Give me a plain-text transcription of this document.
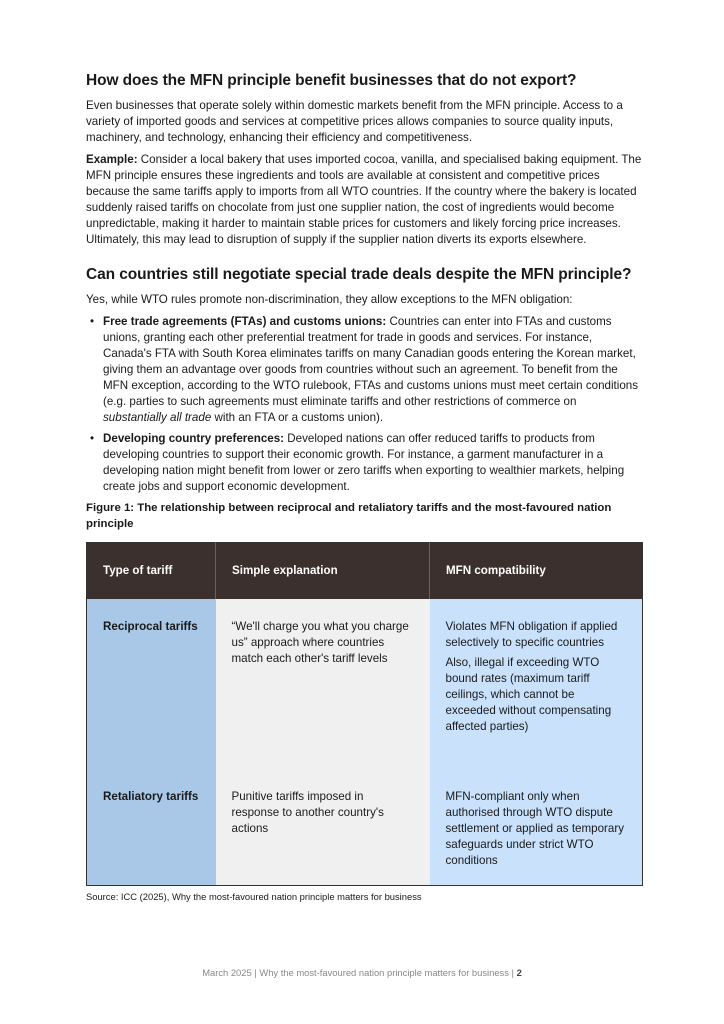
How does the MFN principle benefit businesses that do not export?

Even businesses that operate solely within domestic markets benefit from the MFN principle. Access to a variety of imported goods and services at competitive prices allows companies to source quality inputs, machinery, and technology, enhancing their efficiency and competitiveness.

Example: Consider a local bakery that uses imported cocoa, vanilla, and specialised baking equipment. The MFN principle ensures these ingredients and tools are available at consistent and competitive prices because the same tariffs apply to imports from all WTO countries. If the country where the bakery is located suddenly raised tariffs on chocolate from just one supplier nation, the cost of ingredients would become unpredictable, making it harder to maintain stable prices for customers and likely forcing price increases. Ultimately, this may lead to disruption of supply if the supplier nation diverts its exports elsewhere.

Can countries still negotiate special trade deals despite the MFN principle?

Yes, while WTO rules promote non-discrimination, they allow exceptions to the MFN obligation:

• Free trade agreements (FTAs) and customs unions: Countries can enter into FTAs and customs unions, granting each other preferential treatment for trade in goods and services. For instance, Canada's FTA with South Korea eliminates tariffs on many Canadian goods entering the Korean market, giving them an advantage over goods from countries without such an agreement. To benefit from the MFN exception, according to the WTO rulebook, FTAs and customs unions must meet certain conditions (e.g. parties to such agreements must eliminate tariffs and other restrictions of commerce on substantially all trade with an FTA or a customs union).
• Developing country preferences: Developed nations can offer reduced tariffs to products from developing countries to support their economic growth. For instance, a garment manufacturer in a developing nation might benefit from lower or zero tariffs when exporting to wealthier markets, helping create jobs and support economic development.
Figure 1: The relationship between reciprocal and retaliatory tariffs and the most-favoured nation principle
Type of tariff	Simple explanation	MFN compatibility
Reciprocal tariffs	“We'll charge you what you charge us” approach where countries match each other's tariff levels	Violates MFN obligation if applied selectively to specific countries

Also, illegal if exceeding WTO bound rates (maximum tariff ceilings, which cannot be exceeded without compensating affected parties)

Retaliatory tariffs	Punitive tariffs imposed in response to another country's actions	MFN-compliant only when authorised through WTO dispute settlement or applied as temporary safeguards under strict WTO conditions

Source: ICC (2025), Why the most-favoured nation principle matters for business
March 2025 | Why the most-favoured nation principle matters for business | 2
